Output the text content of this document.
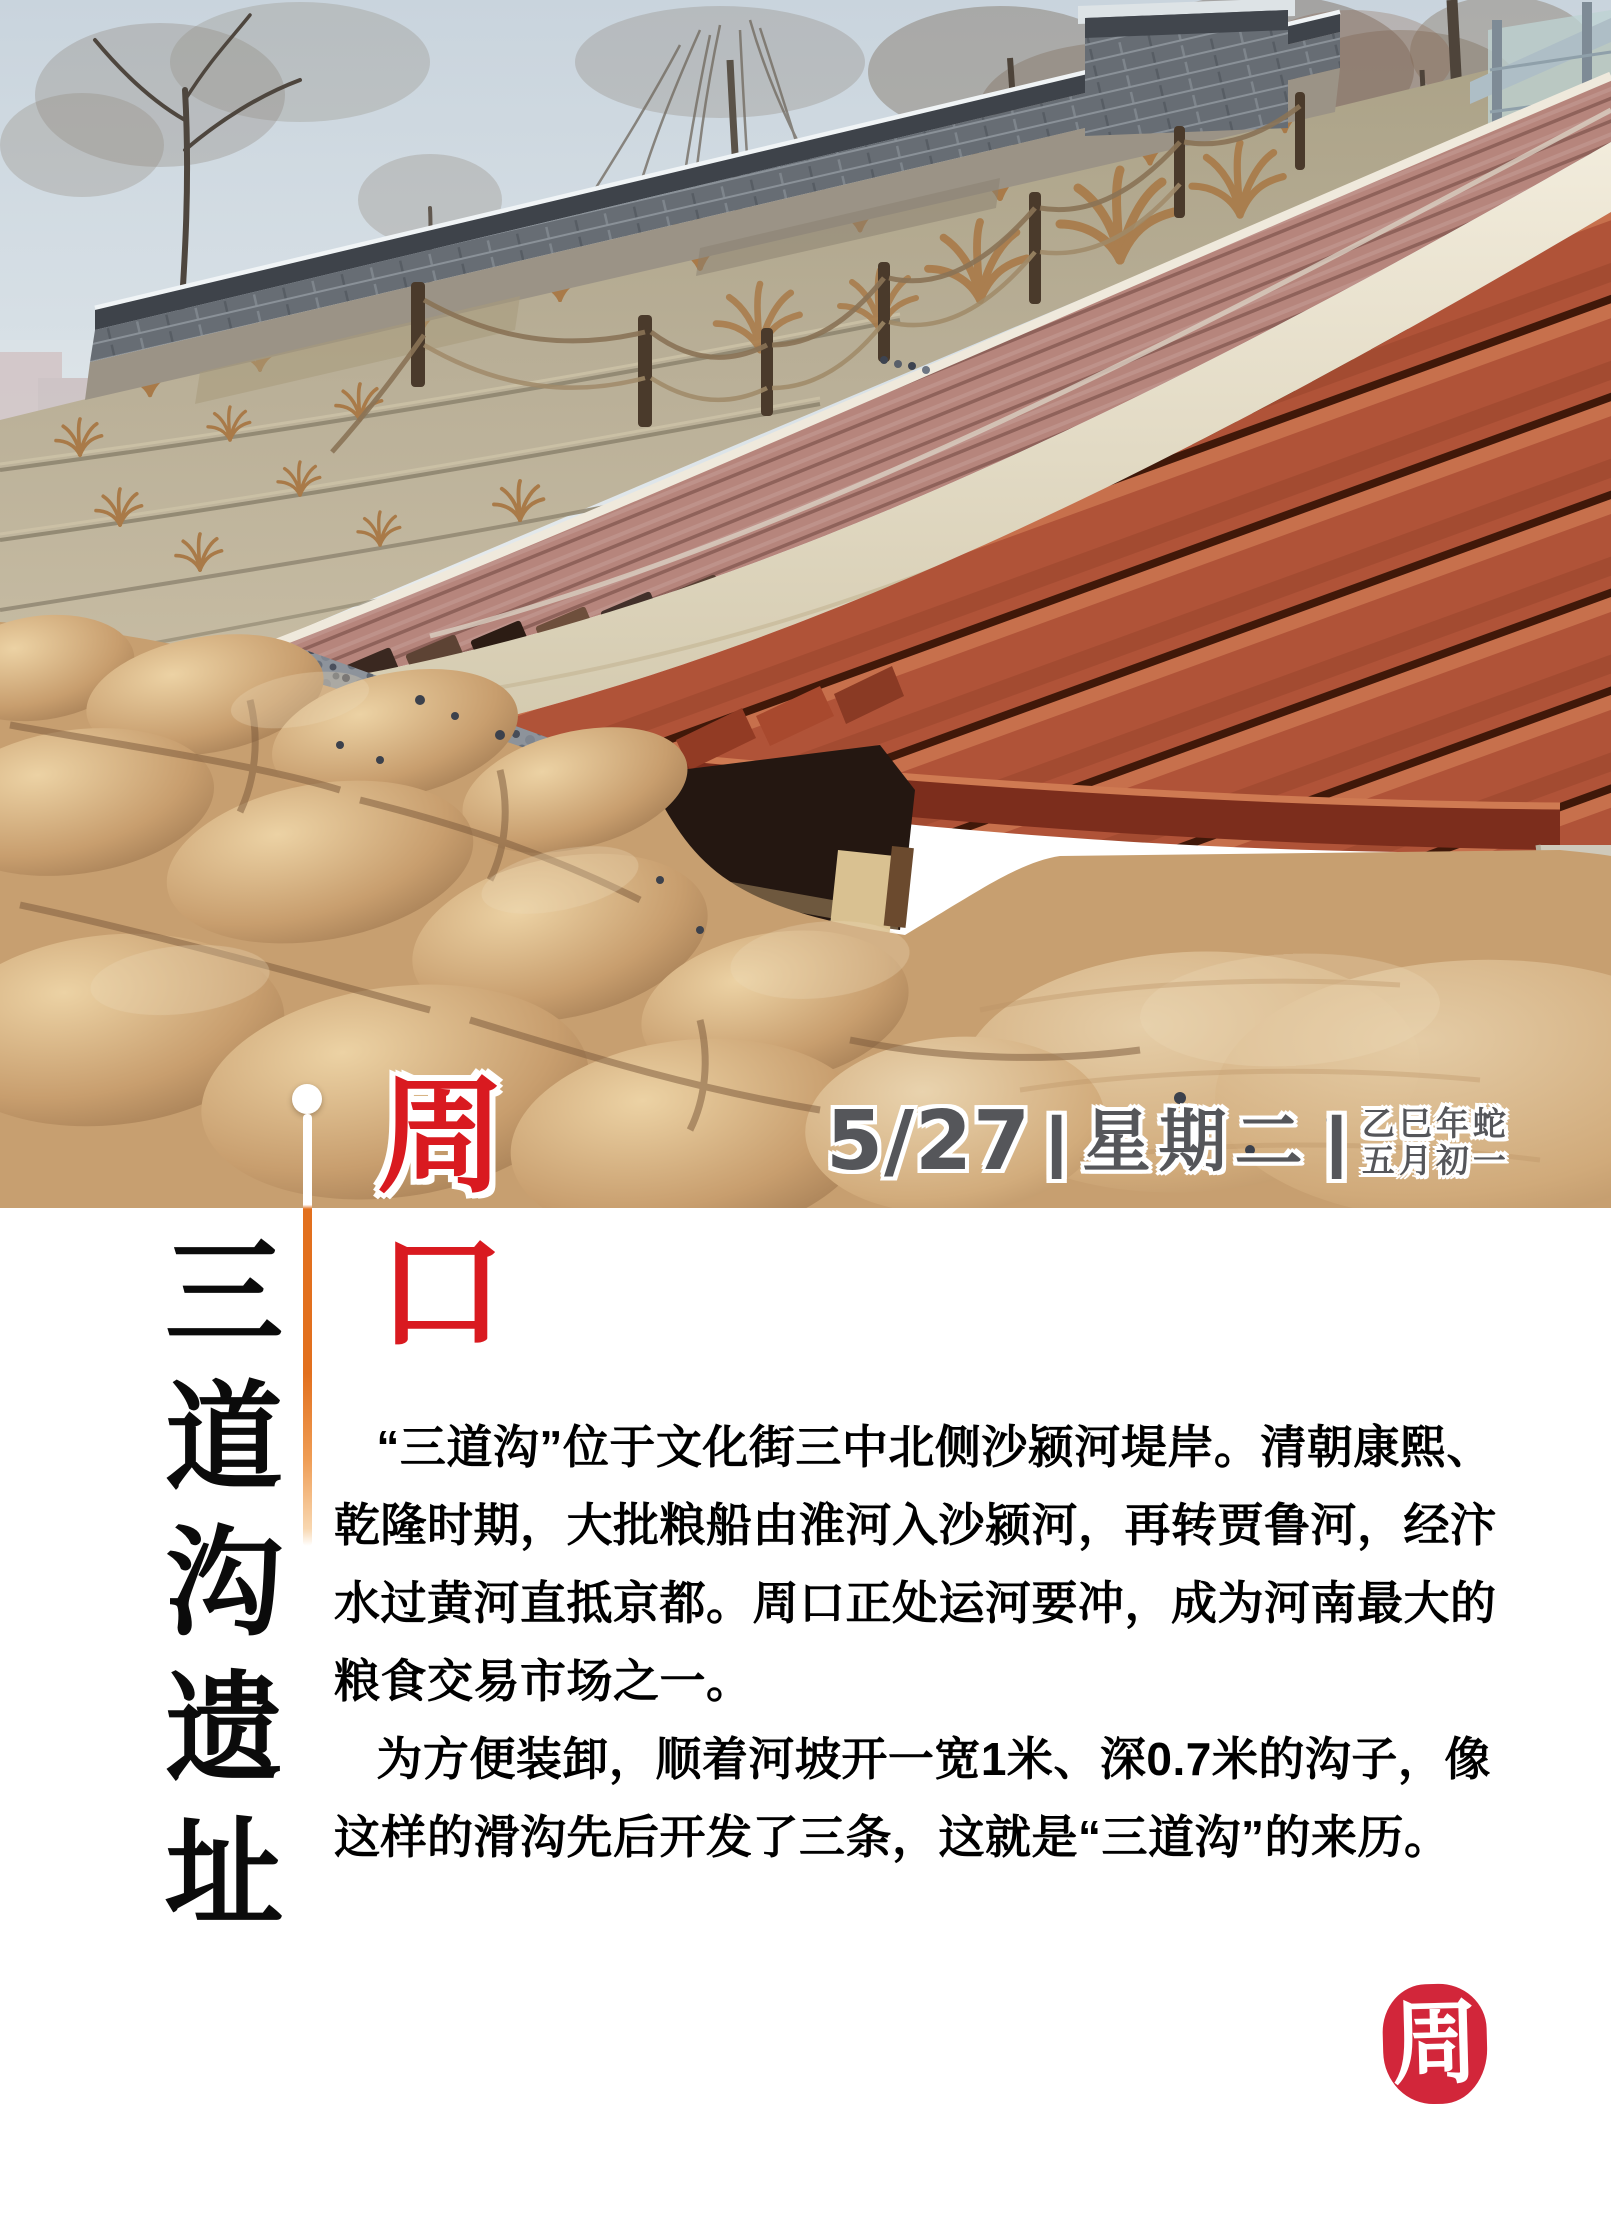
5/27 | 星期二 | 乙巳年蛇
五月初一
周口
三道沟遗址	“三道沟”位于文化街三中北侧沙颍河堤岸。清朝康熙、乾隆时期，大批粮船由淮河入沙颍河，再转贾鲁河，经汴水过黄河直抵京都。周口正处运河要冲，成为河南最大的粮食交易市场之一。

为方便装卸，顺着河坡开一宽1米、深0.7米的沟子，像这样的滑沟先后开发了三条，这就是“三道沟”的来历。

周
